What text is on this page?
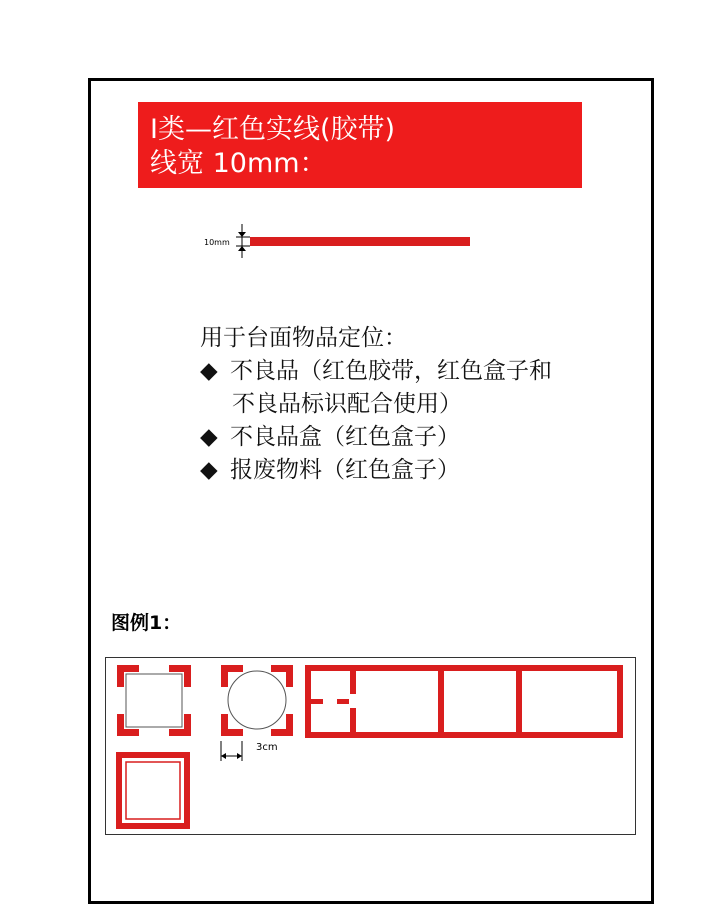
I类—红色实线(胶带)
线宽 10mm：
10mm
用于台面物品定位：
◆ 不良品（红色胶带，红色盒子和
不良品标识配合使用）
◆ 不良品盒（红色盒子）
◆ 报废物料（红色盒子）
图例1：
3cm
